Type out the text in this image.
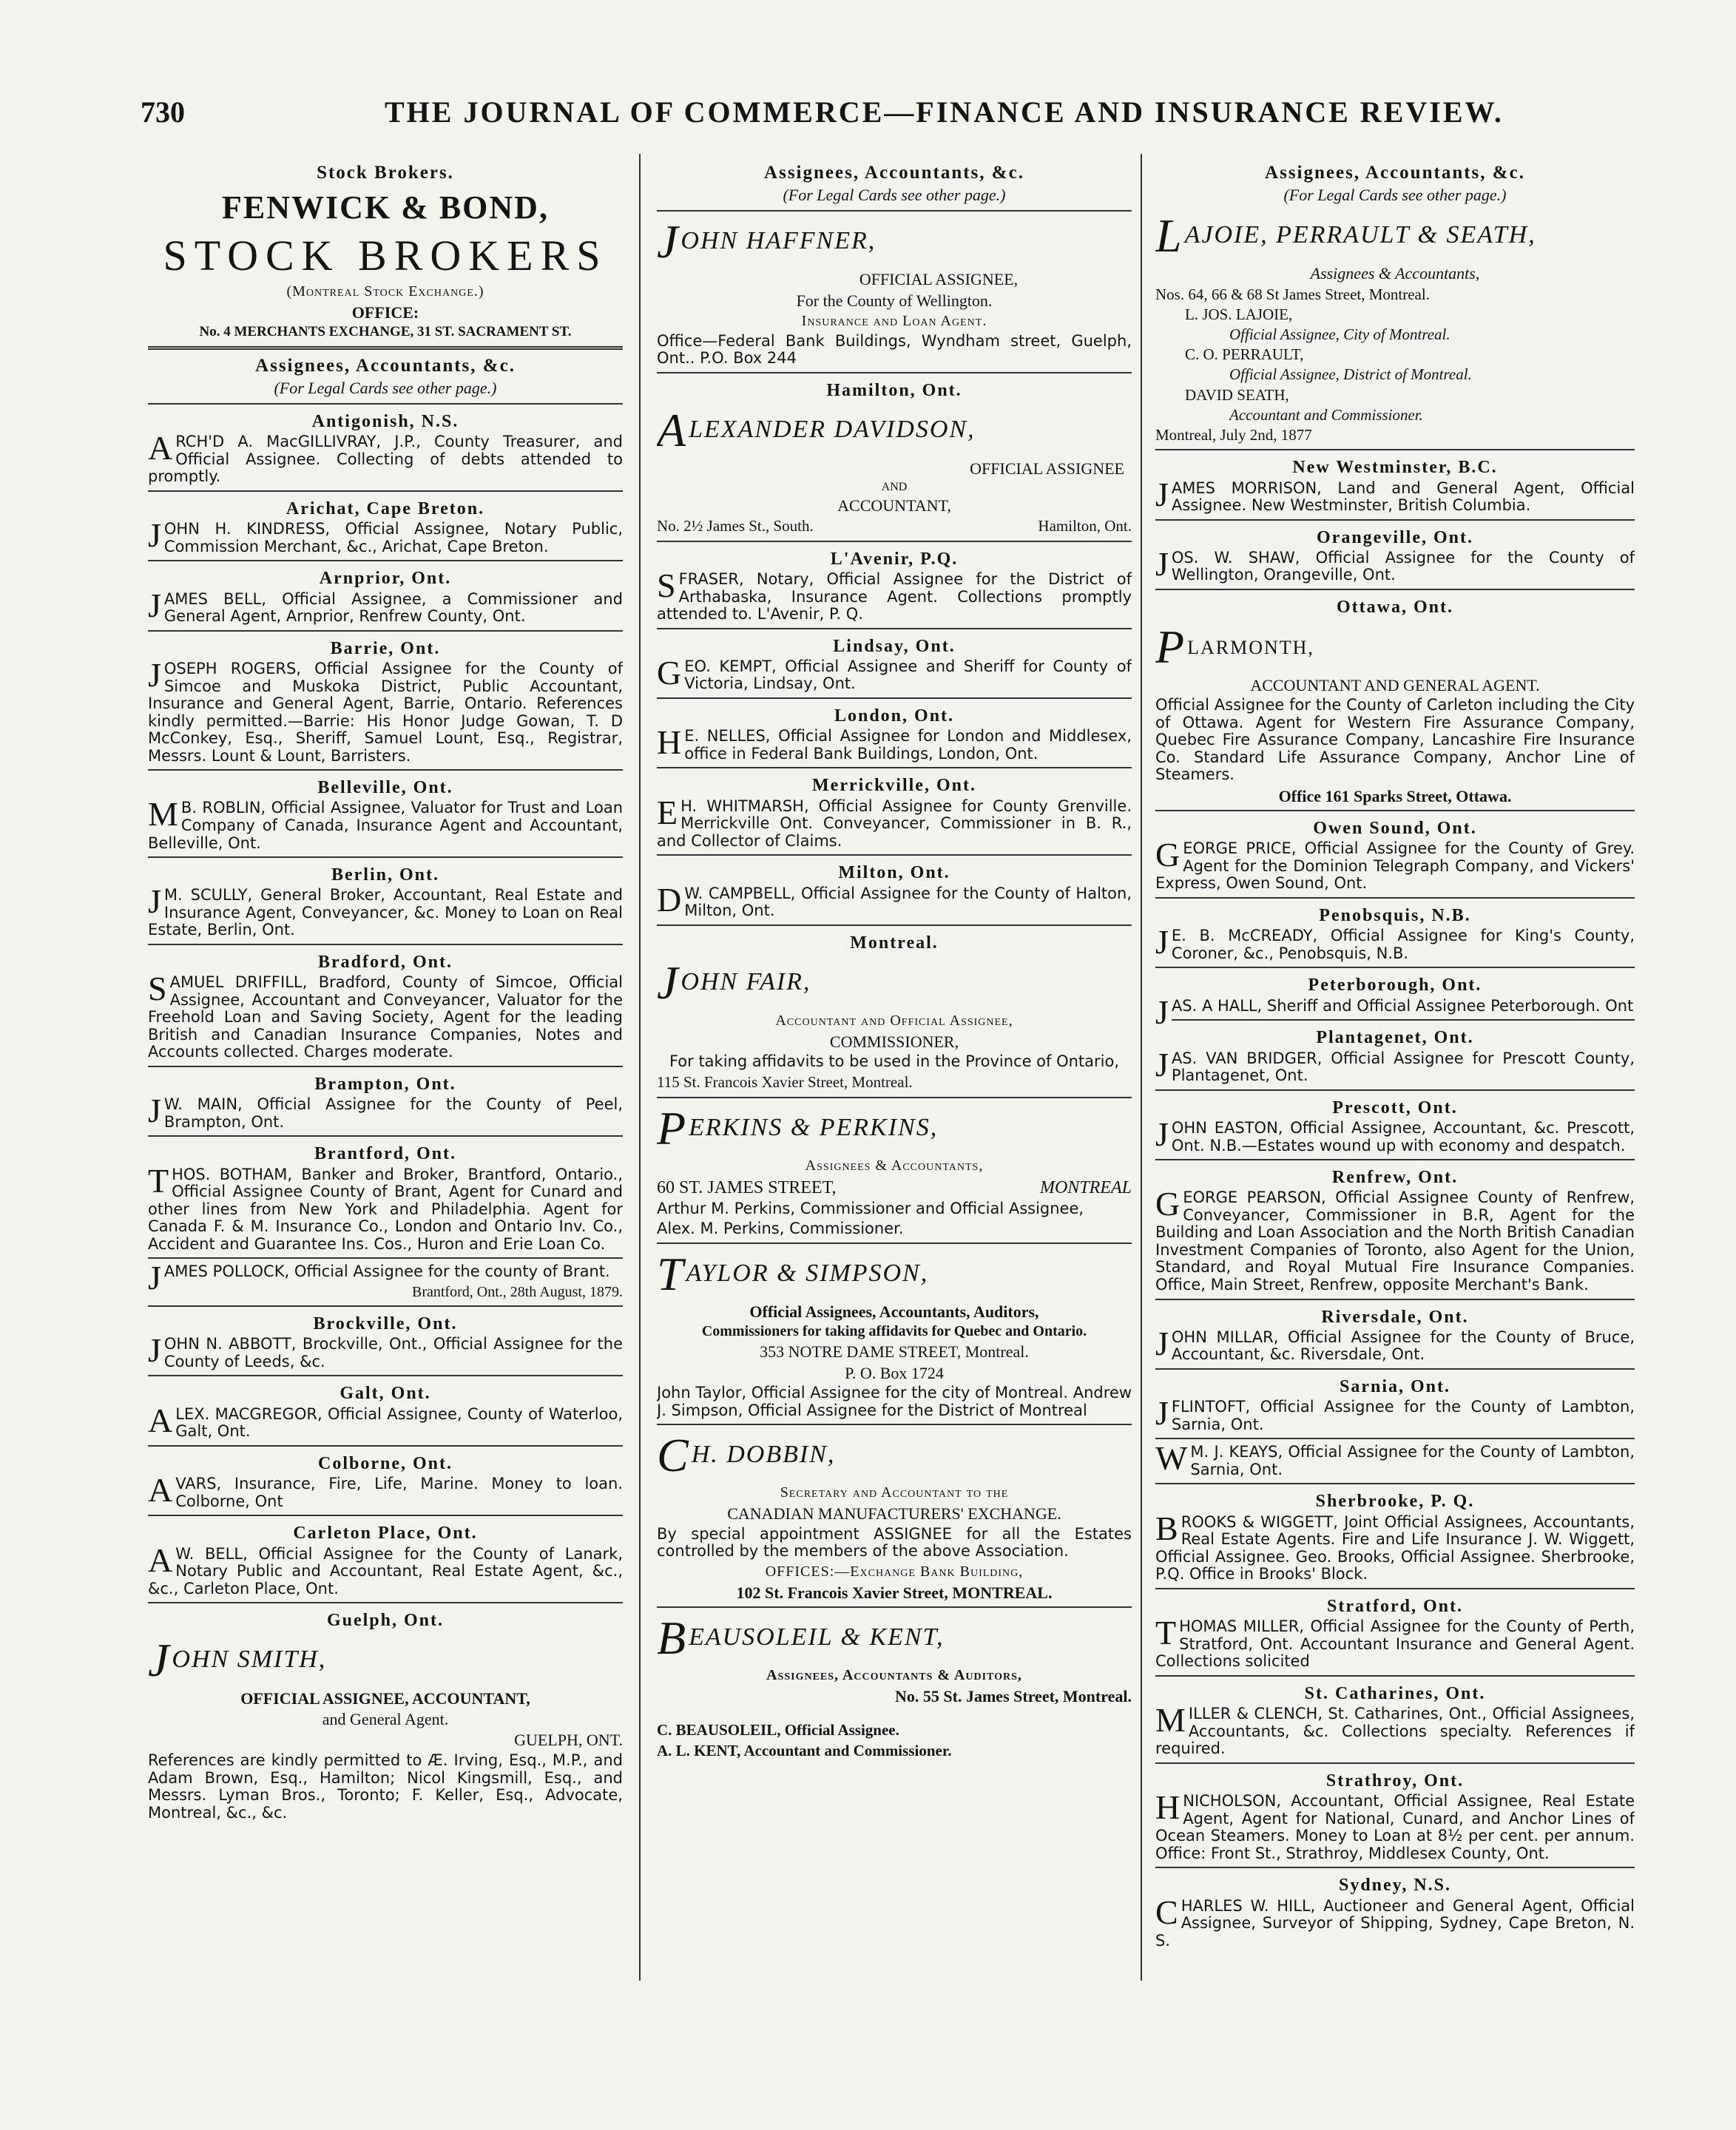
730	THE JOURNAL OF COMMERCE—FINANCE AND INSURANCE REVIEW.
Stock Brokers.
FENWICK & BOND,
STOCK BROKERS
(Montreal Stock Exchange.)
OFFICE:
No. 4 MERCHANTS EXCHANGE, 31 ST. SACRAMENT ST.
Assignees, Accountants, &c.
(For Legal Cards see other page.)
Antigonish, N.S.
ARCH'D A. MacGILLIVRAY, J.P., County Treasurer, and Official Assignee. Collecting of debts attended to promptly.
Arichat, Cape Breton.
JOHN H. KINDRESS, Official Assignee, Notary Public, Commission Merchant, &c., Arichat, Cape Breton.
Arnprior, Ont.
JAMES BELL, Official Assignee, a Commissioner and General Agent, Arnprior, Renfrew County, Ont.
Barrie, Ont.
JOSEPH ROGERS, Official Assignee for the County of Simcoe and Muskoka District, Public Accountant, Insurance and General Agent, Barrie, Ontario. References kindly permitted.—Barrie: His Honor Judge Gowan, T. D McConkey, Esq., Sheriff, Samuel Lount, Esq., Registrar, Messrs. Lount & Lount, Barristers.
Belleville, Ont.
M B. ROBLIN, Official Assignee, Valuator for Trust and Loan Company of Canada, Insurance Agent and Accountant, Belleville, Ont.
Berlin, Ont.
J M. SCULLY, General Broker, Accountant, Real Estate and Insurance Agent, Conveyancer, &c. Money to Loan on Real Estate, Berlin, Ont.
Bradford, Ont.
SAMUEL DRIFFILL, Bradford, County of Simcoe, Official Assignee, Accountant and Conveyancer, Valuator for the Freehold Loan and Saving Society, Agent for the leading British and Canadian Insurance Companies, Notes and Accounts collected. Charges moderate.
Brampton, Ont.
J W. MAIN, Official Assignee for the County of Peel, Brampton, Ont.
Brantford, Ont.
THOS. BOTHAM, Banker and Broker, Brantford, Ontario., Official Assignee County of Brant, Agent for Cunard and other lines from New York and Philadelphia. Agent for Canada F. & M. Insurance Co., London and Ontario Inv. Co., Accident and Guarantee Ins. Cos., Huron and Erie Loan Co.
JAMES POLLOCK, Official Assignee for the county of Brant.
Brantford, Ont., 28th August, 1879.
Brockville, Ont.
JOHN N. ABBOTT, Brockville, Ont., Official Assignee for the County of Leeds, &c.
Galt, Ont.
ALEX. MACGREGOR, Official Assignee, County of Waterloo, Galt, Ont.
Colborne, Ont.
AVARS, Insurance, Fire, Life, Marine. Money to loan. Colborne, Ont
Carleton Place, Ont.
A W. BELL, Official Assignee for the County of Lanark, Notary Public and Accountant, Real Estate Agent, &c., &c., Carleton Place, Ont.
Guelph, Ont.
JOHN SMITH,
OFFICIAL ASSIGNEE, ACCOUNTANT,
and General Agent.
GUELPH, ONT.
References are kindly permitted to Æ. Irving, Esq., M.P., and Adam Brown, Esq., Hamilton; Nicol Kingsmill, Esq., and Messrs. Lyman Bros., Toronto; F. Keller, Esq., Advocate, Montreal, &c., &c.
Assignees, Accountants, &c.
(For Legal Cards see other page.)
JOHN HAFFNER,
OFFICIAL ASSIGNEE,
For the County of Wellington.
Insurance and Loan Agent.
Office—Federal Bank Buildings, Wyndham street, Guelph, Ont.. P.O. Box 244
Hamilton, Ont.
ALEXANDER DAVIDSON,
OFFICIAL ASSIGNEE
AND
ACCOUNTANT,
No. 2½ James St., South.	Hamilton, Ont.
L'Avenir, P.Q.
SFRASER, Notary, Official Assignee for the District of Arthabaska, Insurance Agent. Collections promptly attended to. L'Avenir, P. Q.
Lindsay, Ont.
GEO. KEMPT, Official Assignee and Sheriff for County of Victoria, Lindsay, Ont.
London, Ont.
H E. NELLES, Official Assignee for London and Middlesex, office in Federal Bank Buildings, London, Ont.
Merrickville, Ont.
E H. WHITMARSH, Official Assignee for County Grenville. Merrickville Ont. Conveyancer, Commissioner in B. R., and Collector of Claims.
Milton, Ont.
D W. CAMPBELL, Official Assignee for the County of Halton, Milton, Ont.
Montreal.
JOHN FAIR,
Accountant and Official Assignee,
COMMISSIONER,
For taking affidavits to be used in the Province of Ontario,
115 St. Francois Xavier Street, Montreal.
PERKINS & PERKINS,
Assignees & Accountants,
60 ST. JAMES STREET,	MONTREAL
Arthur M. Perkins, Commissioner and Official Assignee,
Alex. M. Perkins, Commissioner.
TAYLOR & SIMPSON,
Official Assignees, Accountants, Auditors,
Commissioners for taking affidavits for Quebec and Ontario.
353 NOTRE DAME STREET, Montreal.
P. O. Box 1724
John Taylor, Official Assignee for the city of Montreal. Andrew J. Simpson, Official Assignee for the District of Montreal
CH. DOBBIN,
Secretary and Accountant to the
CANADIAN MANUFACTURERS' EXCHANGE.
By special appointment ASSIGNEE for all the Estates controlled by the members of the above Association.
OFFICES:—Exchange Bank Building,
102 St. Francois Xavier Street, MONTREAL.
BEAUSOLEIL & KENT,
Assignees, Accountants & Auditors,
No. 55 St. James Street, Montreal.
C. BEAUSOLEIL, Official Assignee.
A. L. KENT, Accountant and Commissioner.
Assignees, Accountants, &c.
(For Legal Cards see other page.)
LAJOIE, PERRAULT & SEATH,
Assignees & Accountants,
Nos. 64, 66 & 68 St James Street, Montreal.
L. JOS. LAJOIE,
Official Assignee, City of Montreal.
C. O. PERRAULT,
Official Assignee, District of Montreal.
DAVID SEATH,
Accountant and Commissioner.
Montreal, July 2nd, 1877
New Westminster, B.C.
JAMES MORRISON, Land and General Agent, Official Assignee. New Westminster, British Columbia.
Orangeville, Ont.
JOS. W. SHAW, Official Assignee for the County of Wellington, Orangeville, Ont.
Ottawa, Ont.
PLARMONTH,
ACCOUNTANT AND GENERAL AGENT.
Official Assignee for the County of Carleton including the City of Ottawa. Agent for Western Fire Assurance Company, Quebec Fire Assurance Company, Lancashire Fire Insurance Co. Standard Life Assurance Company, Anchor Line of Steamers.
Office 161 Sparks Street, Ottawa.
Owen Sound, Ont.
GEORGE PRICE, Official Assignee for the County of Grey. Agent for the Dominion Telegraph Company, and Vickers' Express, Owen Sound, Ont.
Penobsquis, N.B.
J E. B. McCREADY, Official Assignee for King's County, Coroner, &c., Penobsquis, N.B.
Peterborough, Ont.
JAS. A HALL, Sheriff and Official Assignee Peterborough. Ont
Plantagenet, Ont.
JAS. VAN BRIDGER, Official Assignee for Prescott County, Plantagenet, Ont.
Prescott, Ont.
JOHN EASTON, Official Assignee, Accountant, &c. Prescott, Ont. N.B.—Estates wound up with economy and despatch.
Renfrew, Ont.
GEORGE PEARSON, Official Assignee County of Renfrew, Conveyancer, Commissioner in B.R, Agent for the Building and Loan Association and the North British Canadian Investment Companies of Toronto, also Agent for the Union, Standard, and Royal Mutual Fire Insurance Companies. Office, Main Street, Renfrew, opposite Merchant's Bank.
Riversdale, Ont.
JOHN MILLAR, Official Assignee for the County of Bruce, Accountant, &c. Riversdale, Ont.
Sarnia, Ont.
JFLINTOFT, Official Assignee for the County of Lambton, Sarnia, Ont.
W M. J. KEAYS, Official Assignee for the County of Lambton, Sarnia, Ont.
Sherbrooke, P. Q.
BROOKS & WIGGETT, Joint Official Assignees, Accountants, Real Estate Agents. Fire and Life Insurance J. W. Wiggett, Official Assignee. Geo. Brooks, Official Assignee. Sherbrooke, P.Q. Office in Brooks' Block.
Stratford, Ont.
THOMAS MILLER, Official Assignee for the County of Perth, Stratford, Ont. Accountant Insurance and General Agent. Collections solicited
St. Catharines, Ont.
MILLER & CLENCH, St. Catharines, Ont., Official Assignees, Accountants, &c. Collections specialty. References if required.
Strathroy, Ont.
HNICHOLSON, Accountant, Official Assignee, Real Estate Agent, Agent for National, Cunard, and Anchor Lines of Ocean Steamers. Money to Loan at 8½ per cent. per annum. Office: Front St., Strathroy, Middlesex County, Ont.
Sydney, N.S.
CHARLES W. HILL, Auctioneer and General Agent, Official Assignee, Surveyor of Shipping, Sydney, Cape Breton, N. S.
